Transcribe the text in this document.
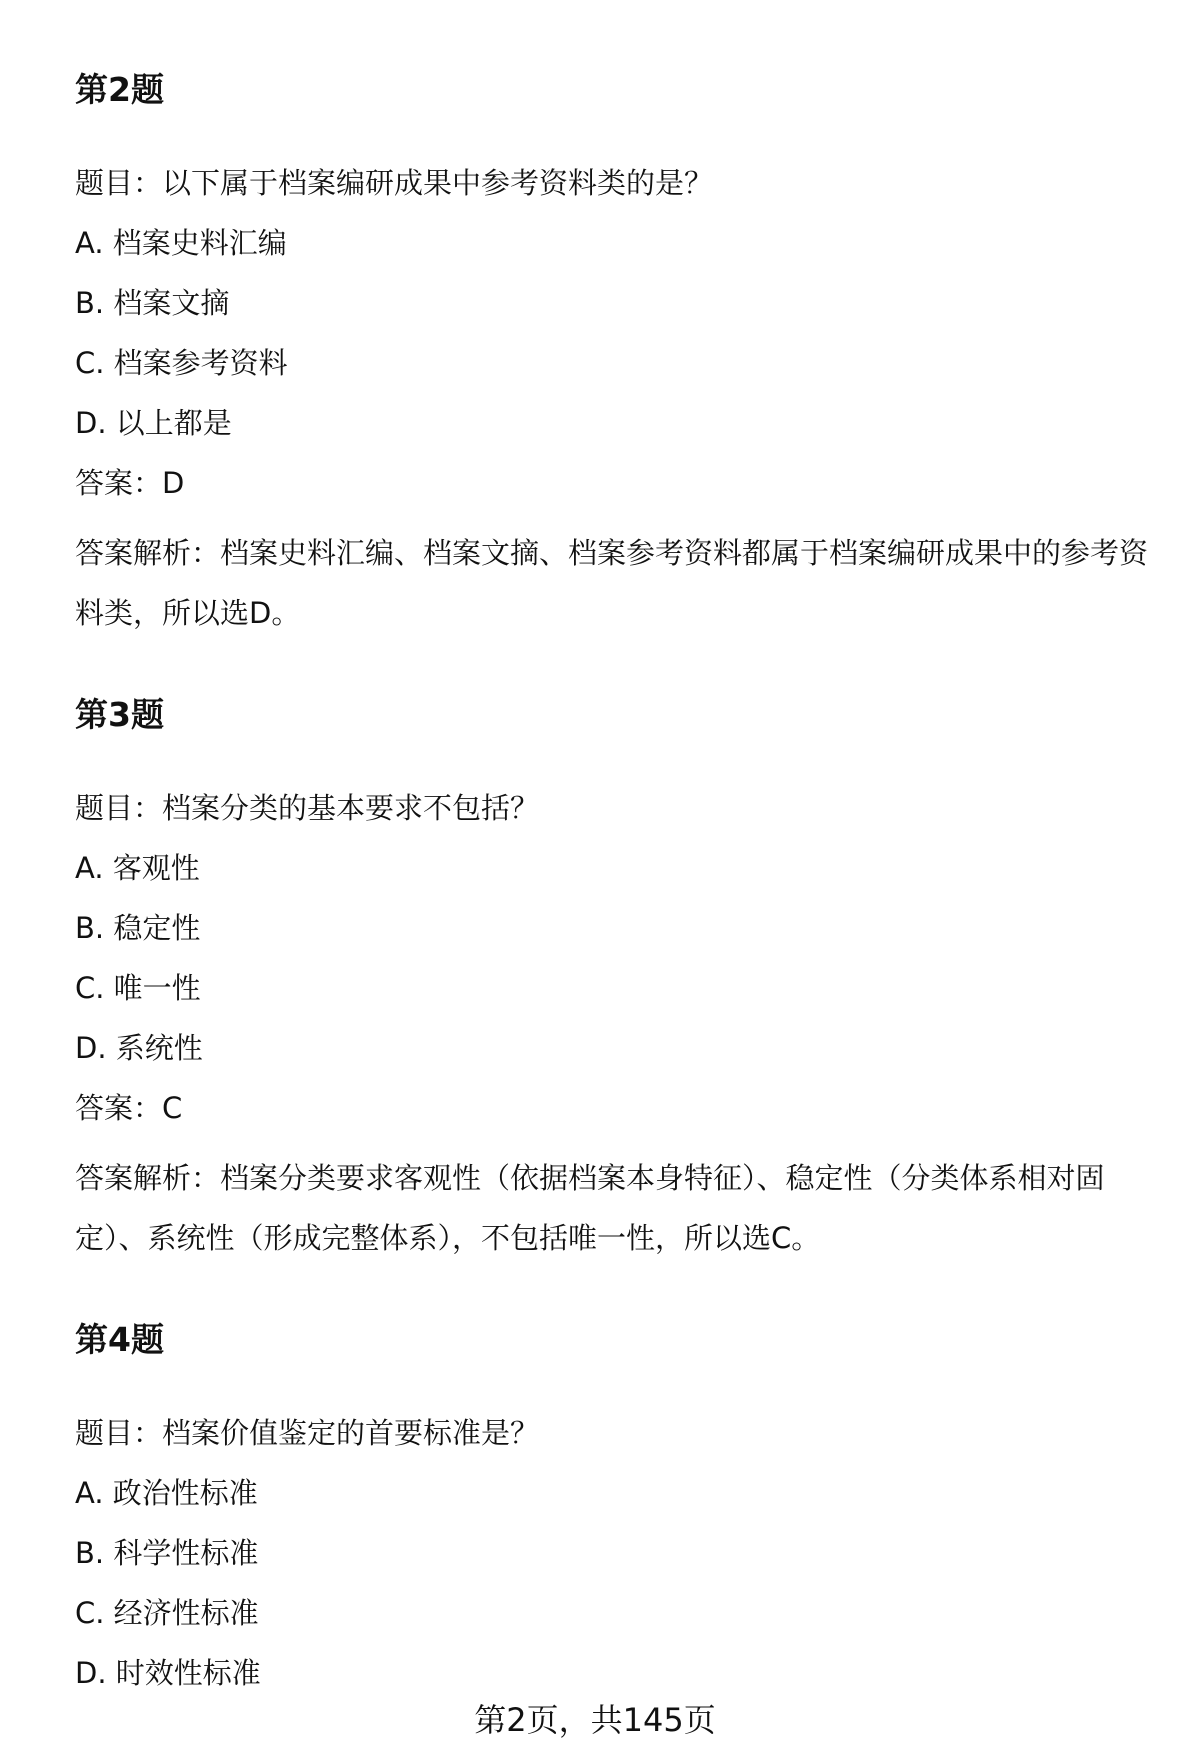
第2题

题目：以下属于档案编研成果中参考资料类的是？

A. 档案史料汇编

B. 档案文摘

C. 档案参考资料

D. 以上都是

答案：D

答案解析：档案史料汇编、档案文摘、档案参考资料都属于档案编研成果中的参考资料类，所以选D。

第3题

题目：档案分类的基本要求不包括？

A. 客观性

B. 稳定性

C. 唯一性

D. 系统性

答案：C

答案解析：档案分类要求客观性（依据档案本身特征）、稳定性（分类体系相对固定）、系统性（形成完整体系），不包括唯一性，所以选C。

第4题

题目：档案价值鉴定的首要标准是？

A. 政治性标准

B. 科学性标准

C. 经济性标准

D. 时效性标准

第2页，共145页
